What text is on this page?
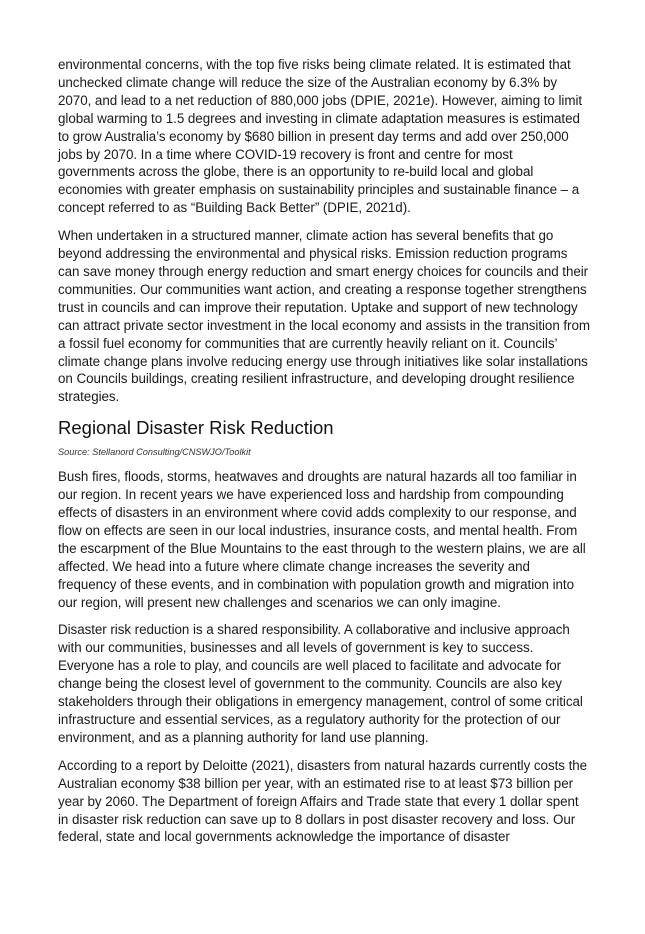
environmental concerns, with the top five risks being climate related. It is estimated that unchecked climate change will reduce the size of the Australian economy by 6.3% by 2070, and lead to a net reduction of 880,000 jobs (DPIE, 2021e). However, aiming to limit global warming to 1.5 degrees and investing in climate adaptation measures is estimated to grow Australia’s economy by $680 billion in present day terms and add over 250,000 jobs by 2070. In a time where COVID-19 recovery is front and centre for most governments across the globe, there is an opportunity to re-build local and global economies with greater emphasis on sustainability principles and sustainable finance – a concept referred to as “Building Back Better” (DPIE, 2021d).

When undertaken in a structured manner, climate action has several benefits that go beyond addressing the environmental and physical risks. Emission reduction programs can save money through energy reduction and smart energy choices for councils and their communities. Our communities want action, and creating a response together strengthens trust in councils and can improve their reputation. Uptake and support of new technology can attract private sector investment in the local economy and assists in the transition from a fossil fuel economy for communities that are currently heavily reliant on it. Councils’ climate change plans involve reducing energy use through initiatives like solar installations on Councils buildings, creating resilient infrastructure, and developing drought resilience strategies.

Regional Disaster Risk Reduction

Source: Stellanord Consulting/CNSWJO/Toolkit

Bush fires, floods, storms, heatwaves and droughts are natural hazards all too familiar in our region. In recent years we have experienced loss and hardship from compounding effects of disasters in an environment where covid adds complexity to our response, and flow on effects are seen in our local industries, insurance costs, and mental health. From the escarpment of the Blue Mountains to the east through to the western plains, we are all affected. We head into a future where climate change increases the severity and frequency of these events, and in combination with population growth and migration into our region, will present new challenges and scenarios we can only imagine.

Disaster risk reduction is a shared responsibility. A collaborative and inclusive approach with our communities, businesses and all levels of government is key to success. Everyone has a role to play, and councils are well placed to facilitate and advocate for change being the closest level of government to the community. Councils are also key stakeholders through their obligations in emergency management, control of some critical infrastructure and essential services, as a regulatory authority for the protection of our environment, and as a planning authority for land use planning.

According to a report by Deloitte (2021), disasters from natural hazards currently costs the Australian economy $38 billion per year, with an estimated rise to at least $73 billion per year by 2060. The Department of foreign Affairs and Trade state that every 1 dollar spent in disaster risk reduction can save up to 8 dollars in post disaster recovery and loss. Our federal, state and local governments acknowledge the importance of disaster
